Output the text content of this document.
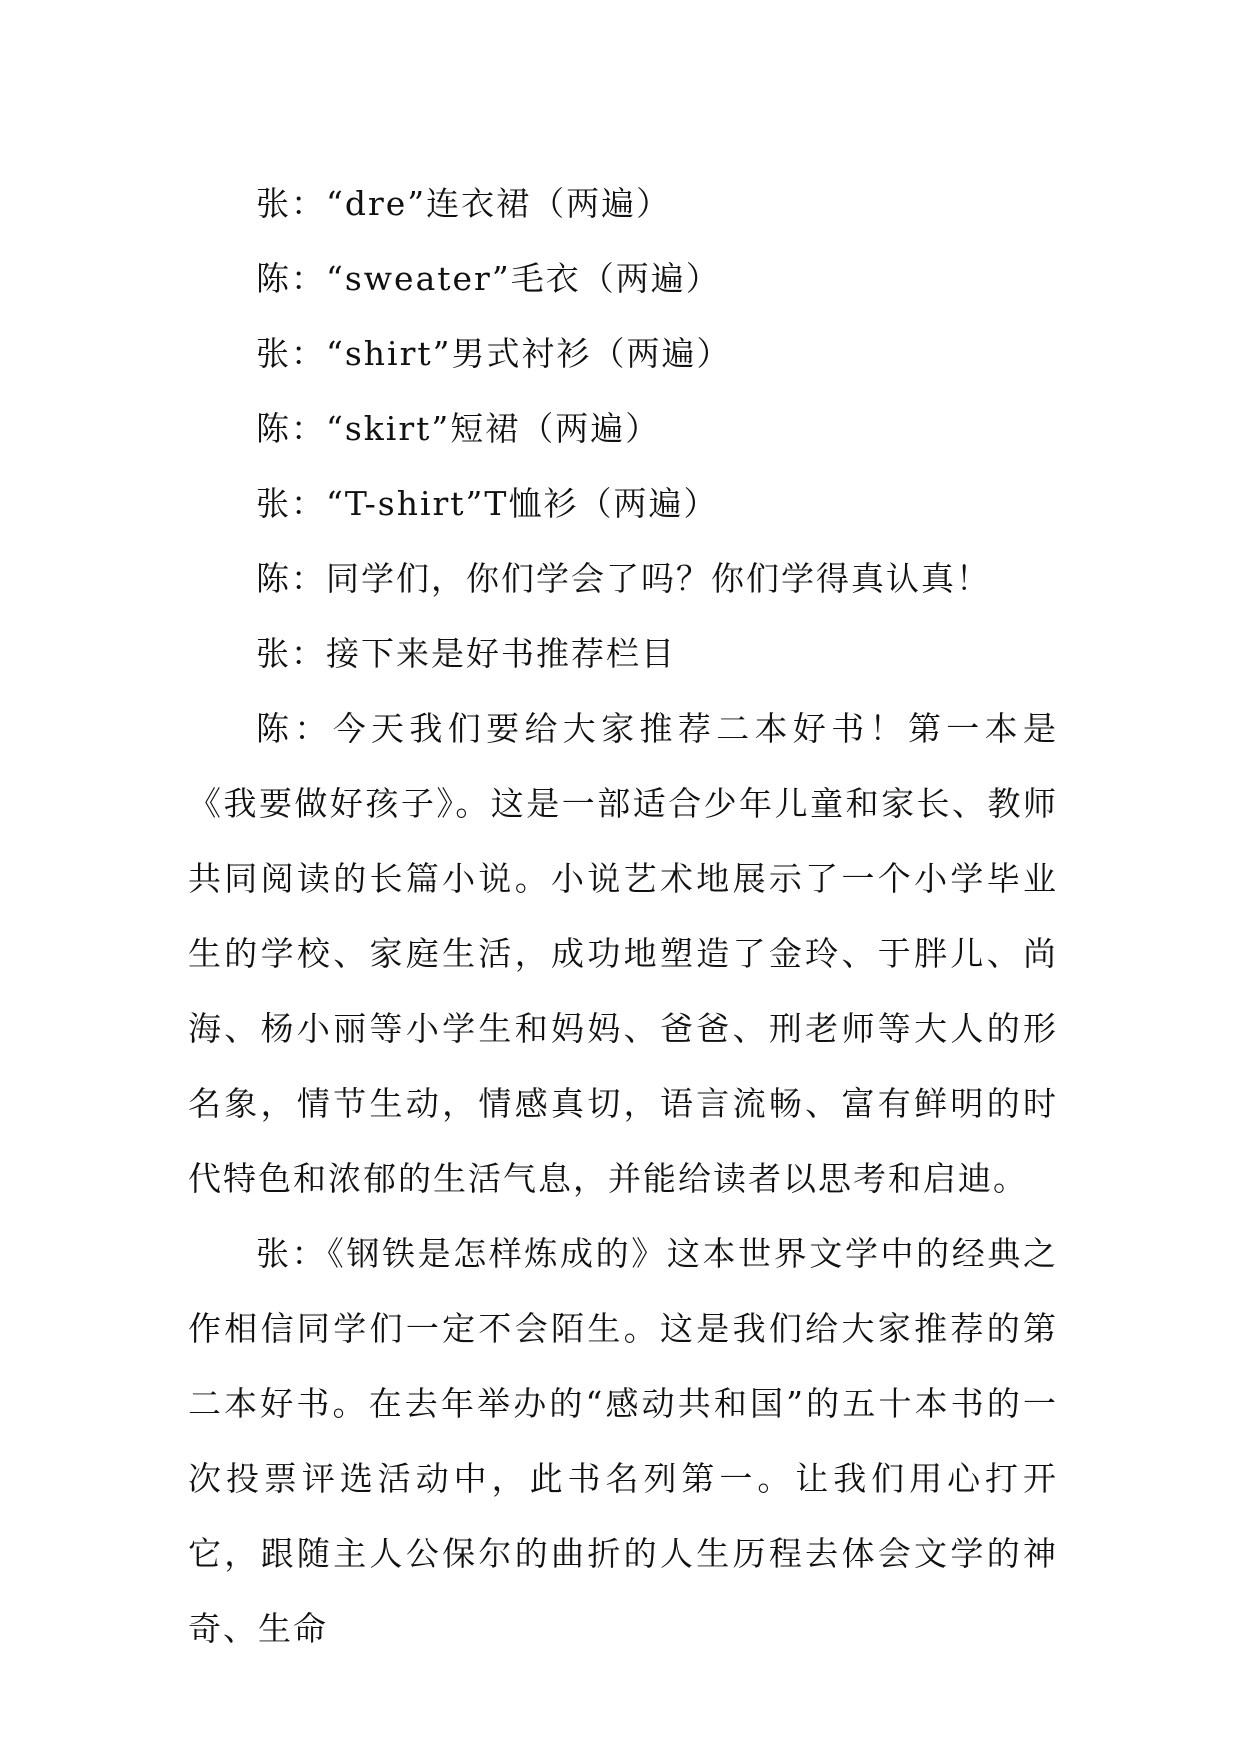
张：“dre”连衣裙（两遍）
陈：“sweater”毛衣（两遍）
张：“shirt”男式衬衫（两遍）
陈：“skirt”短裙（两遍）
张：“T-shirt”T恤衫（两遍）
陈：同学们，你们学会了吗？你们学得真认真！
张：接下来是好书推荐栏目

陈：今天我们要给大家推荐二本好书！第一本是《我要做好孩子》。这是一部适合少年儿童和家长、教师共同阅读的长篇小说。小说艺术地展示了一个小学毕业生的学校、家庭生活，成功地塑造了金玲、于胖儿、尚海、杨小丽等小学生和妈妈、爸爸、刑老师等大人的形名象，情节生动，情感真切，语言流畅、富有鲜明的时代特色和浓郁的生活气息，并能给读者以思考和启迪。

张：《钢铁是怎样炼成的》这本世界文学中的经典之作相信同学们一定不会陌生。这是我们给大家推荐的第二本好书。在去年举办的“感动共和国”的五十本书的一次投票评选活动中，此书名列第一。让我们用心打开它，跟随主人公保尔的曲折的人生历程去体会文学的神奇、生命
